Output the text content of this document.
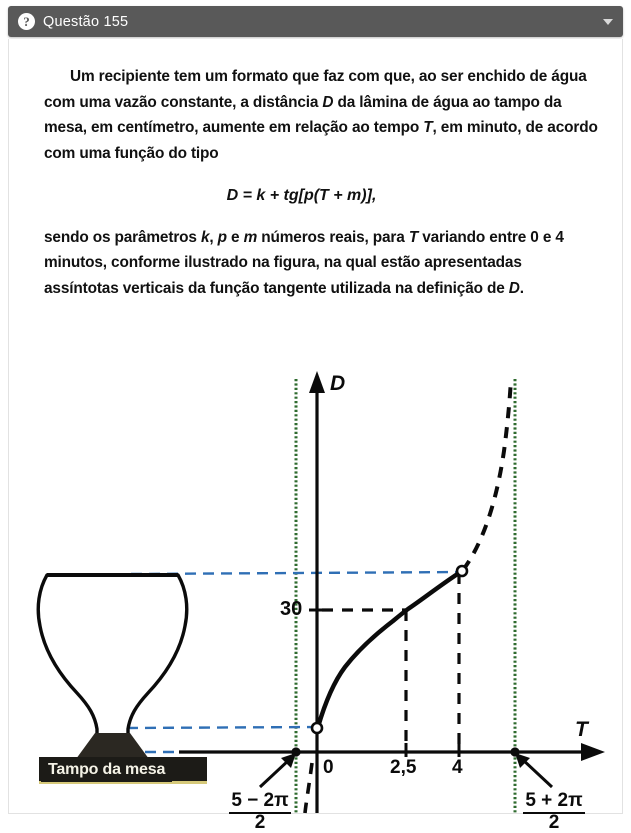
? Questão 155

Um recipiente tem um formato que faz com que, ao ser enchido de água com uma vazão constante, a distância D da lâmina de água ao tampo da mesa, em centímetro, aumente em relação ao tempo T, em minuto, de acordo com uma função do tipo

D = k + tg[p(T + m)],

sendo os parâmetros k, p e m números reais, para T variando entre 0 e 4 minutos, conforme ilustrado na figura, na qual estão apresentadas assíntotas verticais da função tangente utilizada na definição de D.

D
T
30
0	2,5 4
5 − 2π
2
5 + 2π
2
Tampo da mesa
